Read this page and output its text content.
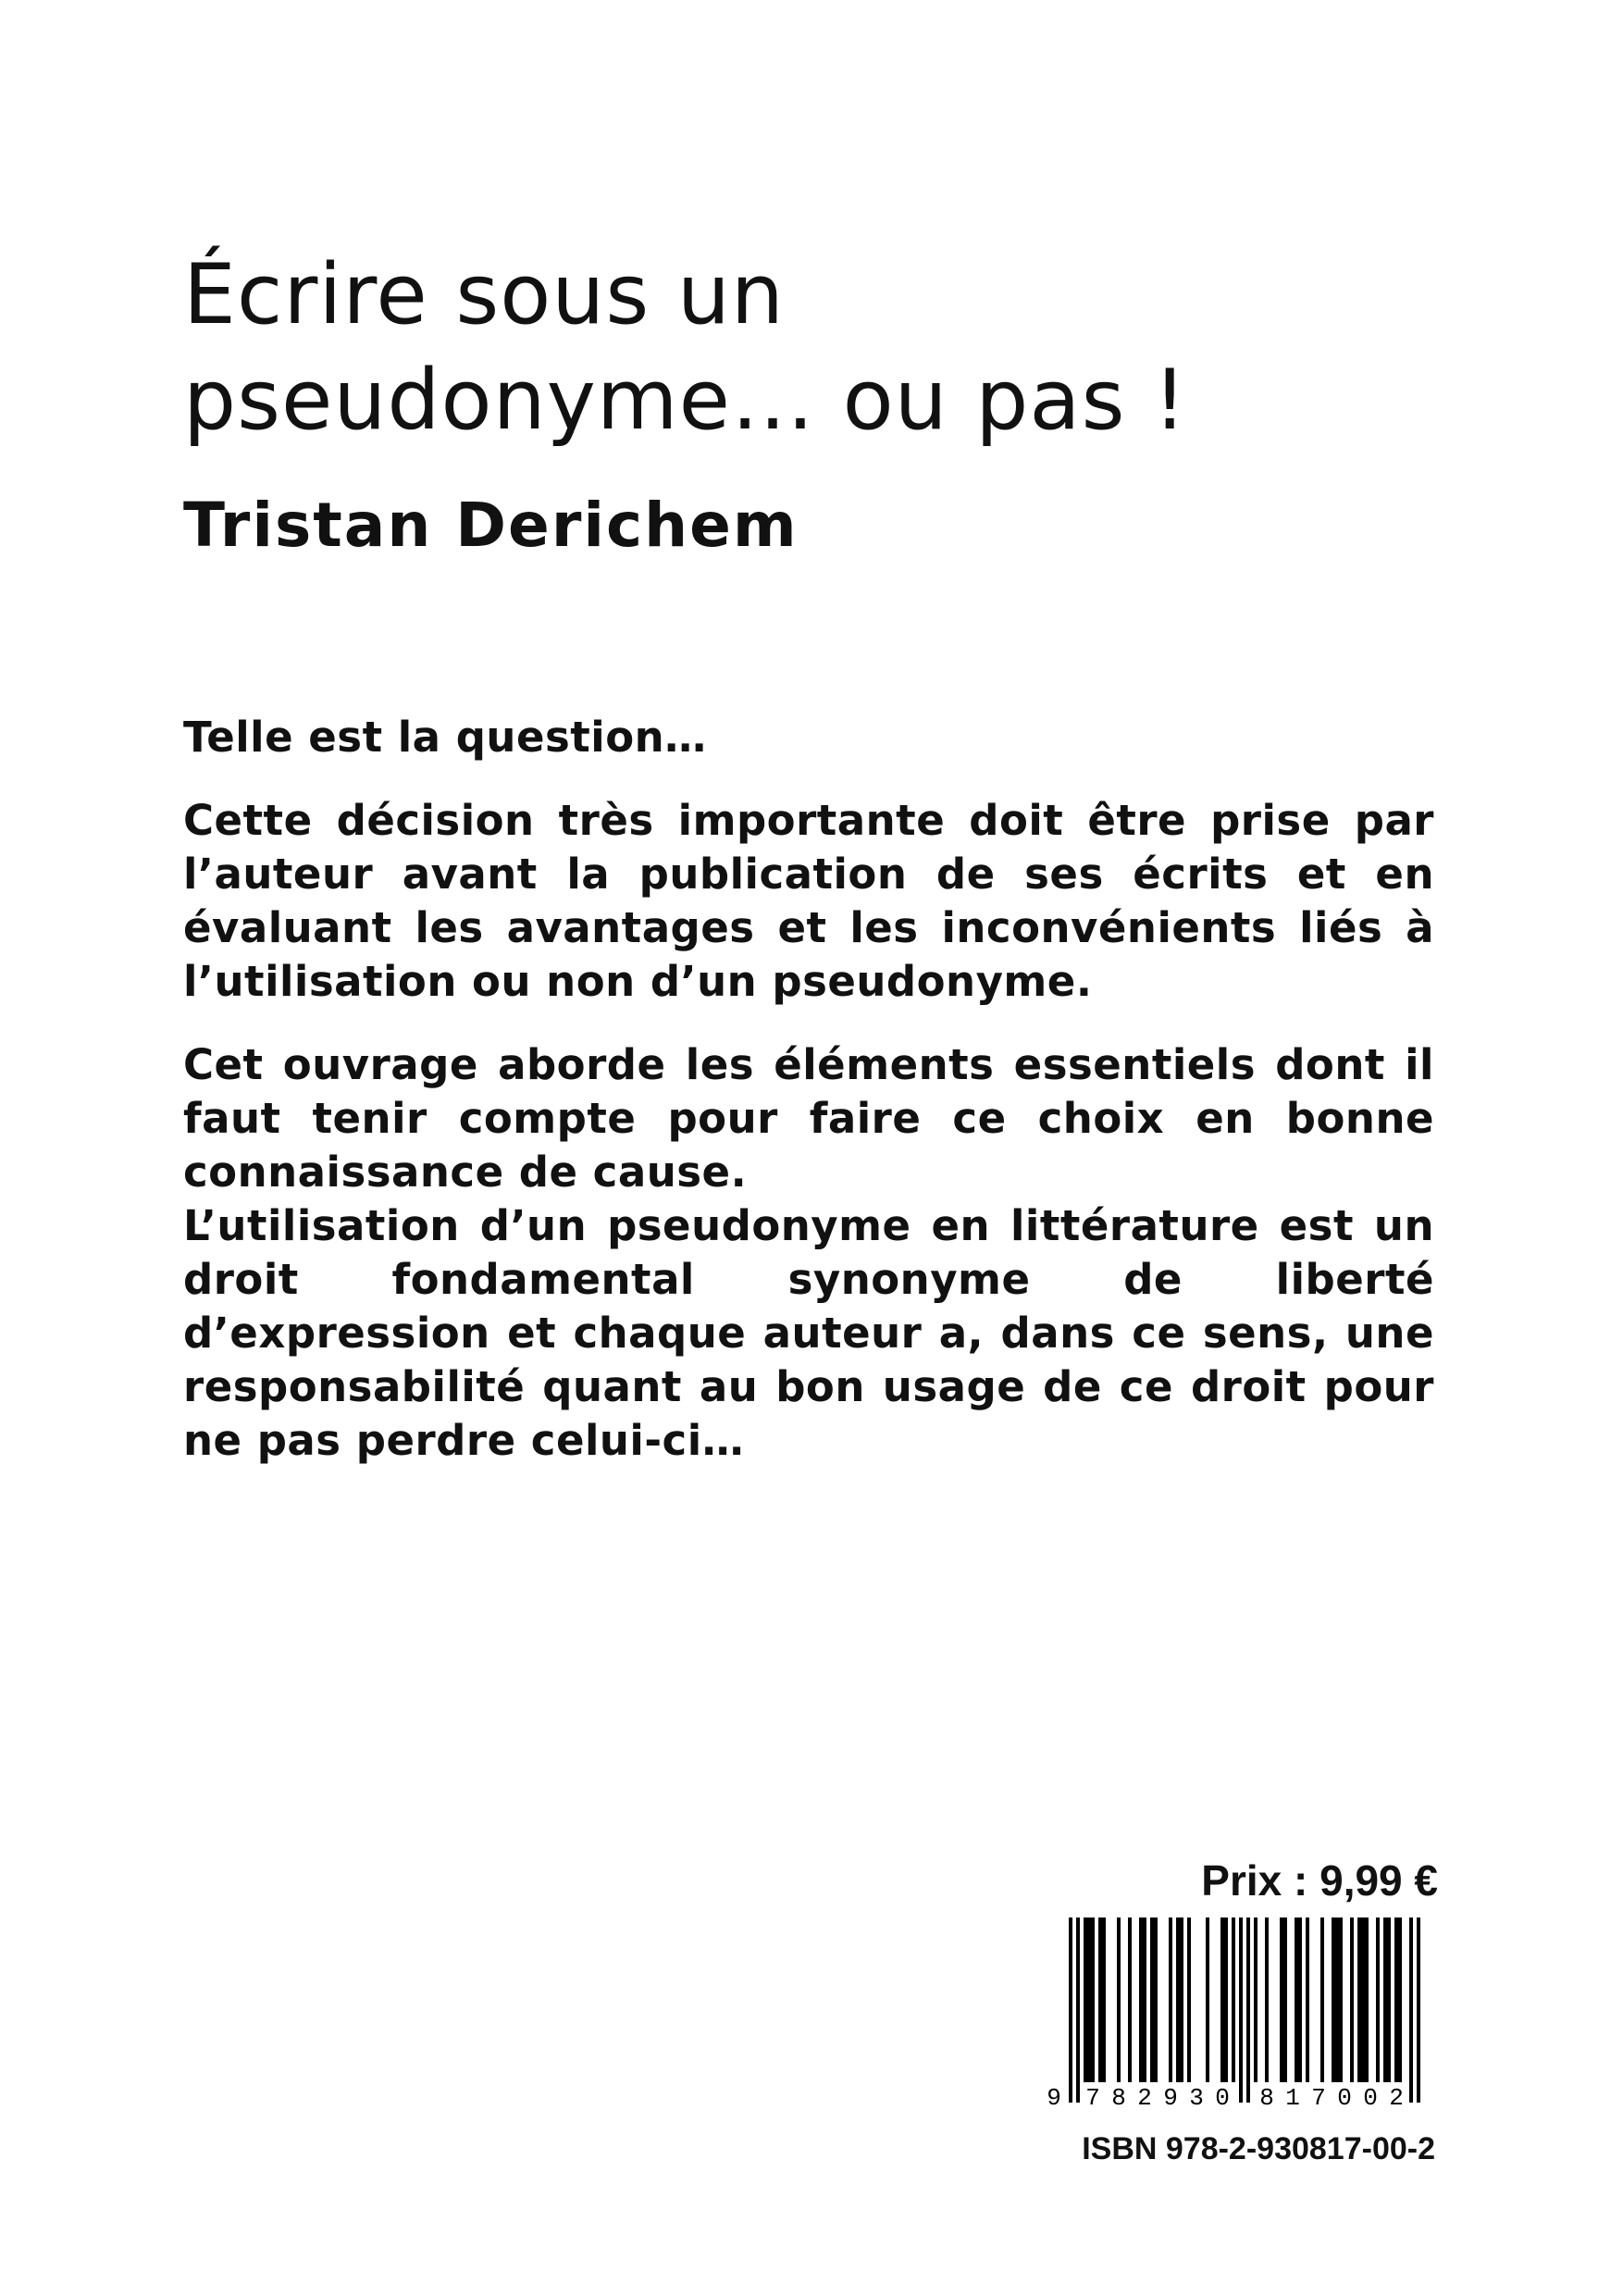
Écrire sous un
pseudonyme… ou pas !
Tristan Derichem

Telle est la question…

Cette décision très importante doit être prise par l’auteur avant la publication de ses écrits et en évaluant les avantages et les inconvénients liés à l’utilisation ou non d’un pseudonyme.

Cet ouvrage aborde les éléments essentiels dont il faut tenir compte pour faire ce choix en bonne connaissance de cause.

L’utilisation d’un pseudonyme en littérature est un droit fondamental synonyme de liberté d’expression et chaque auteur a, dans ce sens, une responsabilité quant au bon usage de ce droit pour ne pas perdre celui-ci…

Prix : 9,99 €
9 7 8 2 9 3 0 8 1 7 0 0 2
ISBN 978-2-930817-00-2
